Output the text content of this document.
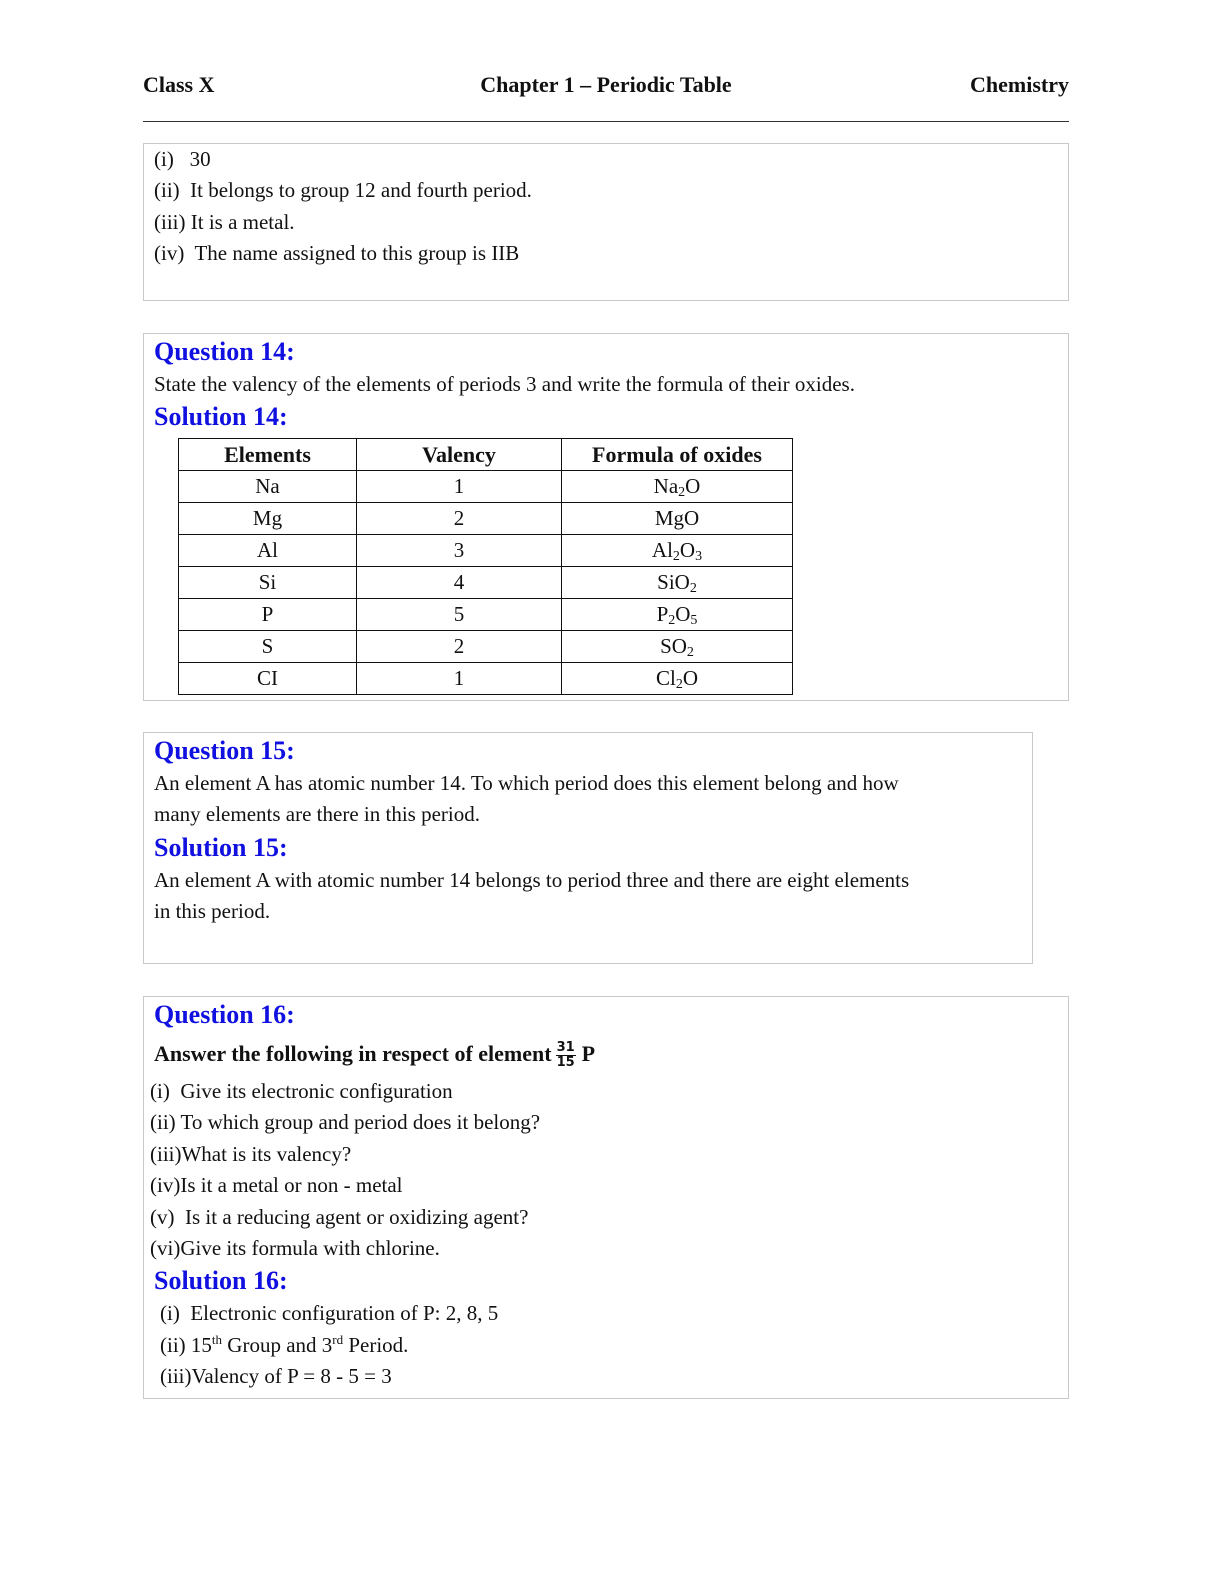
Class X	Chapter 1 – Periodic Table	Chemistry
(i)   30
(ii)  It belongs to group 12 and fourth period.
(iii) It is a metal.
(iv)  The name assigned to this group is IIB
Question 14:
State the valency of the elements of periods 3 and write the formula of their oxides.
Solution 14:
Elements	Valency	Formula of oxides
Na	1	$Na_2O$
Mg	2	MgO
Al	3	$Al_2O_3$
Si	4	SiO$_2$
P	5	$P_2O_5$
S	2	$SO_2$
CI	1	$Cl_2O$
Question 15:
An element A has atomic number 14. To which period does this element belong and how
many elements are there in this period.
Solution 15:
An element A with atomic number 14 belongs to period three and there are eight elements
in this period.
Question 16:
Answer the following in respect of element $\frac{31}{15}$ P
(i)  Give its electronic configuration
(ii) To which group and period does it belong?
(iii)What is its valency?
(iv)Is it a metal or non - metal
(v)  Is it a reducing agent or oxidizing agent?
(vi)Give its formula with chlorine.
Solution 16:
(i)  Electronic configuration of P: 2, 8, 5
(ii) 15th Group and 3rd Period.
(iii)Valency of P = 8 - 5 = 3
